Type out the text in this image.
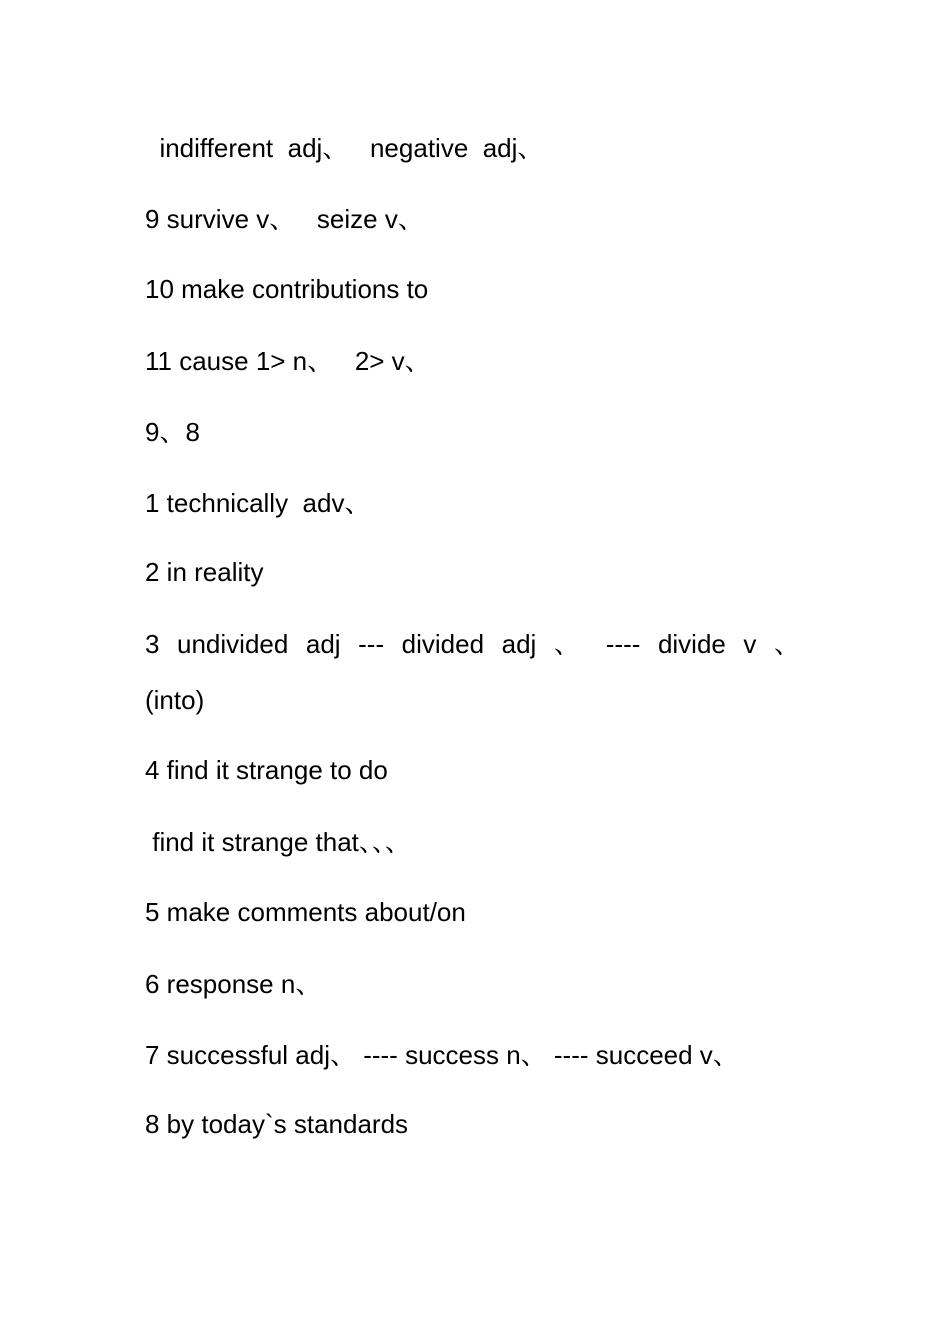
indifferent  adj、   negative  adj、

9 survive v、   seize v、

10 make contributions to

11 cause 1> n、   2> v、

9、8

1 technically  adv、

2 in reality

3 undivided adj --- divided adj 、 ---- divide v 、

(into)

4 find it strange to do

find it strange that、、、

5 make comments about/on

6 response n、

7 successful adj、 ---- success n、 ---- succeed v、

8 by today`s standards
